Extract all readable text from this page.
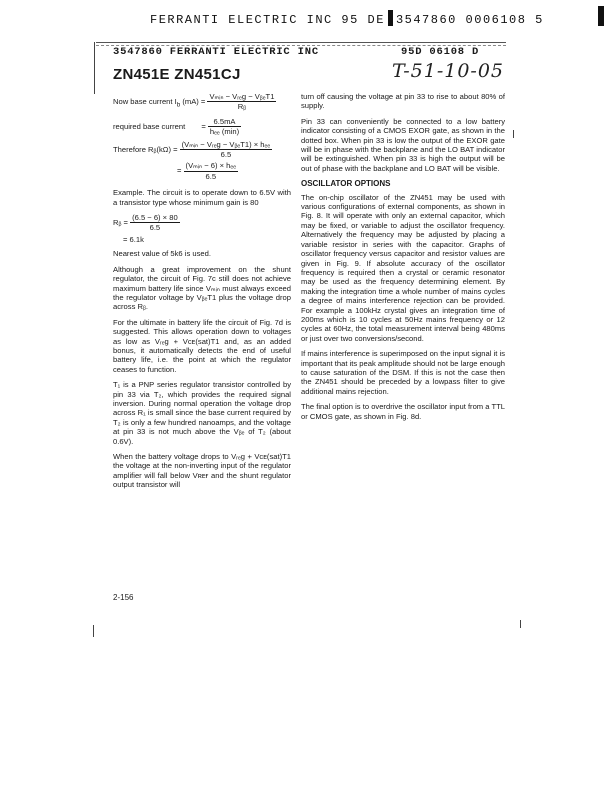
FERRANTI ELECTRIC INC 95 DE 3547860 0006108 5
3547860 FERRANTI ELECTRIC INC	95D 06108 D
ZN451E ZN451CJ	T-51-10-05
Now base current $I_b$ $(mA) = \frac{\text{Vₘᵢₙ − Vᵣₑg − VᵦₑT1}}{\text{Rᵦ}}$
required base current = $\frac{6.5mA}{\text{hₑₑ (min)}}$
Therefore Rᵦ(kΩ) = $\frac{\text{(Vₘᵢₙ − Vᵣₑg − VᵦₑT1) × hₑₑ}}{6.5}$
= $\frac{\text{(Vₘᵢₙ − 6) × hₑₑ}}{6.5}$

Example. The circuit is to operate down to 6.5V with a transistor type whose minimum gain is 80

Rᵦ = $\frac{(6.5 - 6) \times 80}{6.5}$
= 6.1k

Nearest value of 5k6 is used.

Although a great improvement on the shunt regulator, the circuit of Fig. 7c still does not achieve maximum battery life since Vₘᵢₙ must always exceed the regulator voltage by VᵦₑT1 plus the voltage drop across Rᵦ.

For the ultimate in battery life the circuit of Fig. 7d is suggested. This allows operation down to voltages as low as Vᵣₑg + Vᴄᴇ(sat)T1 and, as an added bonus, it automatically detects the end of useful battery life, i.e. the point at which the regulator ceases to function.

T₁ is a PNP series regulator transistor controlled by pin 33 via T₂, which provides the required signal inversion. During normal operation the voltage drop across R₁ is small since the base current required by T₂ is only a few hundred nanoamps, and the voltage at pin 33 is not much above the Vᵦₑ of T₂ (about 0.6V).

When the battery voltage drops to Vᵣₑg + Vᴄᴇ(sat)T1 the voltage at the non-inverting input of the regulator amplifier will fall below Vʀᴇғ and the shunt regulator output transistor will

turn off causing the voltage at pin 33 to rise to about 80% of supply.

Pin 33 can conveniently be connected to a low battery indicator consisting of a CMOS EXOR gate, as shown in the dotted box. When pin 33 is low the output of the EXOR gate will be in phase with the backplane and the LO BAT indicator will be extinguished. When pin 33 is high the output will be out of phase with the backplane and LO BAT will be visible.

OSCILLATOR OPTIONS

The on-chip oscillator of the ZN451 may be used with various configurations of external components, as shown in Fig. 8. It will operate with only an external capacitor, which may be fixed, or variable to adjust the oscillator frequency. Alternatively the frequency may be adjusted by placing a variable resistor in series with the capacitor. Graphs of oscillator frequency versus capacitor and resistor values are given in Fig. 9. If absolute accuracy of the oscillator frequency is required then a crystal or ceramic resonator may be used as the frequency determining element. By making the integration time a whole number of mains cycles a degree of mains interference rejection can be provided. For example a 100kHz crystal gives an integration time of 200ms which is 10 cycles at 50Hz mains frequency or 12 cycles at 60Hz, the total measurement interval being 480ms or just over two conversions/second.

If mains interference is superimposed on the input signal it is important that its peak amplitude should not be large enough to cause saturation of the DSM. If this is not the case then the ZN451 should be preceded by a lowpass filter to give additional mains rejection.

The final option is to overdrive the oscillator input from a TTL or CMOS gate, as shown in Fig. 8d.

2-156
